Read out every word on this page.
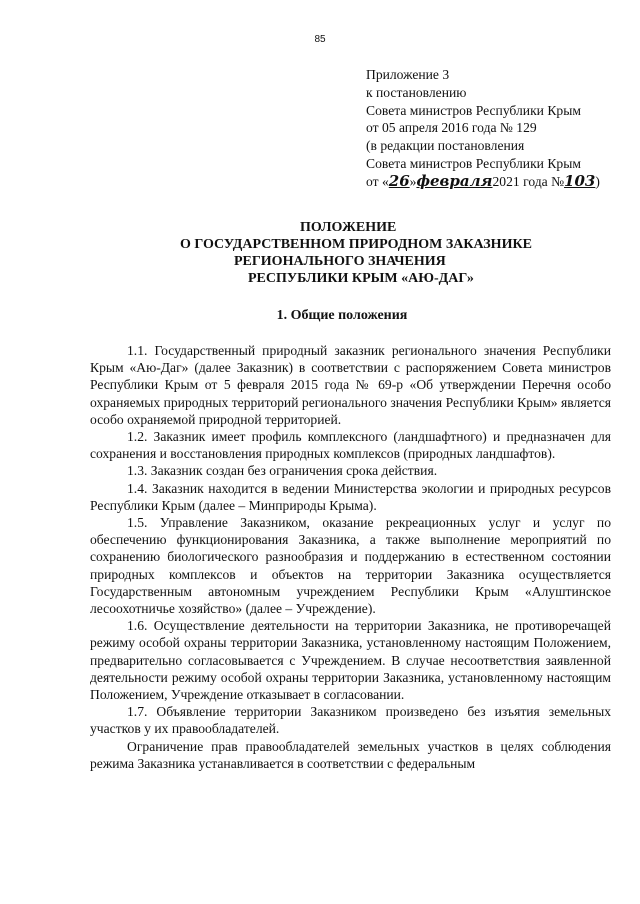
85
Приложение 3
к постановлению
Совета министров Республики Крым
от 05 апреля 2016 года № 129
(в редакции постановления
Совета министров Республики Крым
от «26»февраля2021 года №103)
ПОЛОЖЕНИЕ
О ГОСУДАРСТВЕННОМ ПРИРОДНОМ ЗАКАЗНИКЕ
РЕГИОНАЛЬНОГО ЗНАЧЕНИЯ
РЕСПУБЛИКИ КРЫМ «АЮ-ДАГ»
1. Общие положения

1.1. Государственный природный заказник регионального значения Республики Крым «Аю-Даг» (далее Заказник) в соответствии с распоряжением Совета министров Республики Крым от 5 февраля 2015 года № 69-р «Об утверждении Перечня особо охраняемых природных территорий регионального значения Республики Крым» является особо охраняемой природной территорией.

1.2. Заказник имеет профиль комплексного (ландшафтного) и предназначен для сохранения и восстановления природных комплексов (природных ландшафтов).

1.3. Заказник создан без ограничения срока действия.

1.4. Заказник находится в ведении Министерства экологии и природных ресурсов Республики Крым (далее – Минприроды Крыма).

1.5. Управление Заказником, оказание рекреационных услуг и услуг по обеспечению функционирования Заказника, а также выполнение мероприятий по сохранению биологического разнообразия и поддержанию в естественном состоянии природных комплексов и объектов на территории Заказника осуществляется Государственным автономным учреждением Республики Крым «Алуштинское лесоохотничье хозяйство» (далее – Учреждение).

1.6. Осуществление деятельности на территории Заказника, не противоречащей режиму особой охраны территории Заказника, установленному настоящим Положением, предварительно согласовывается с Учреждением. В случае несоответствия заявленной деятельности режиму особой охраны территории Заказника, установленному настоящим Положением, Учреждение отказывает в согласовании.

1.7. Объявление территории Заказником произведено без изъятия земельных участков у их правообладателей.

Ограничение прав правообладателей земельных участков в целях соблюдения режима Заказника устанавливается в соответствии с федеральным
